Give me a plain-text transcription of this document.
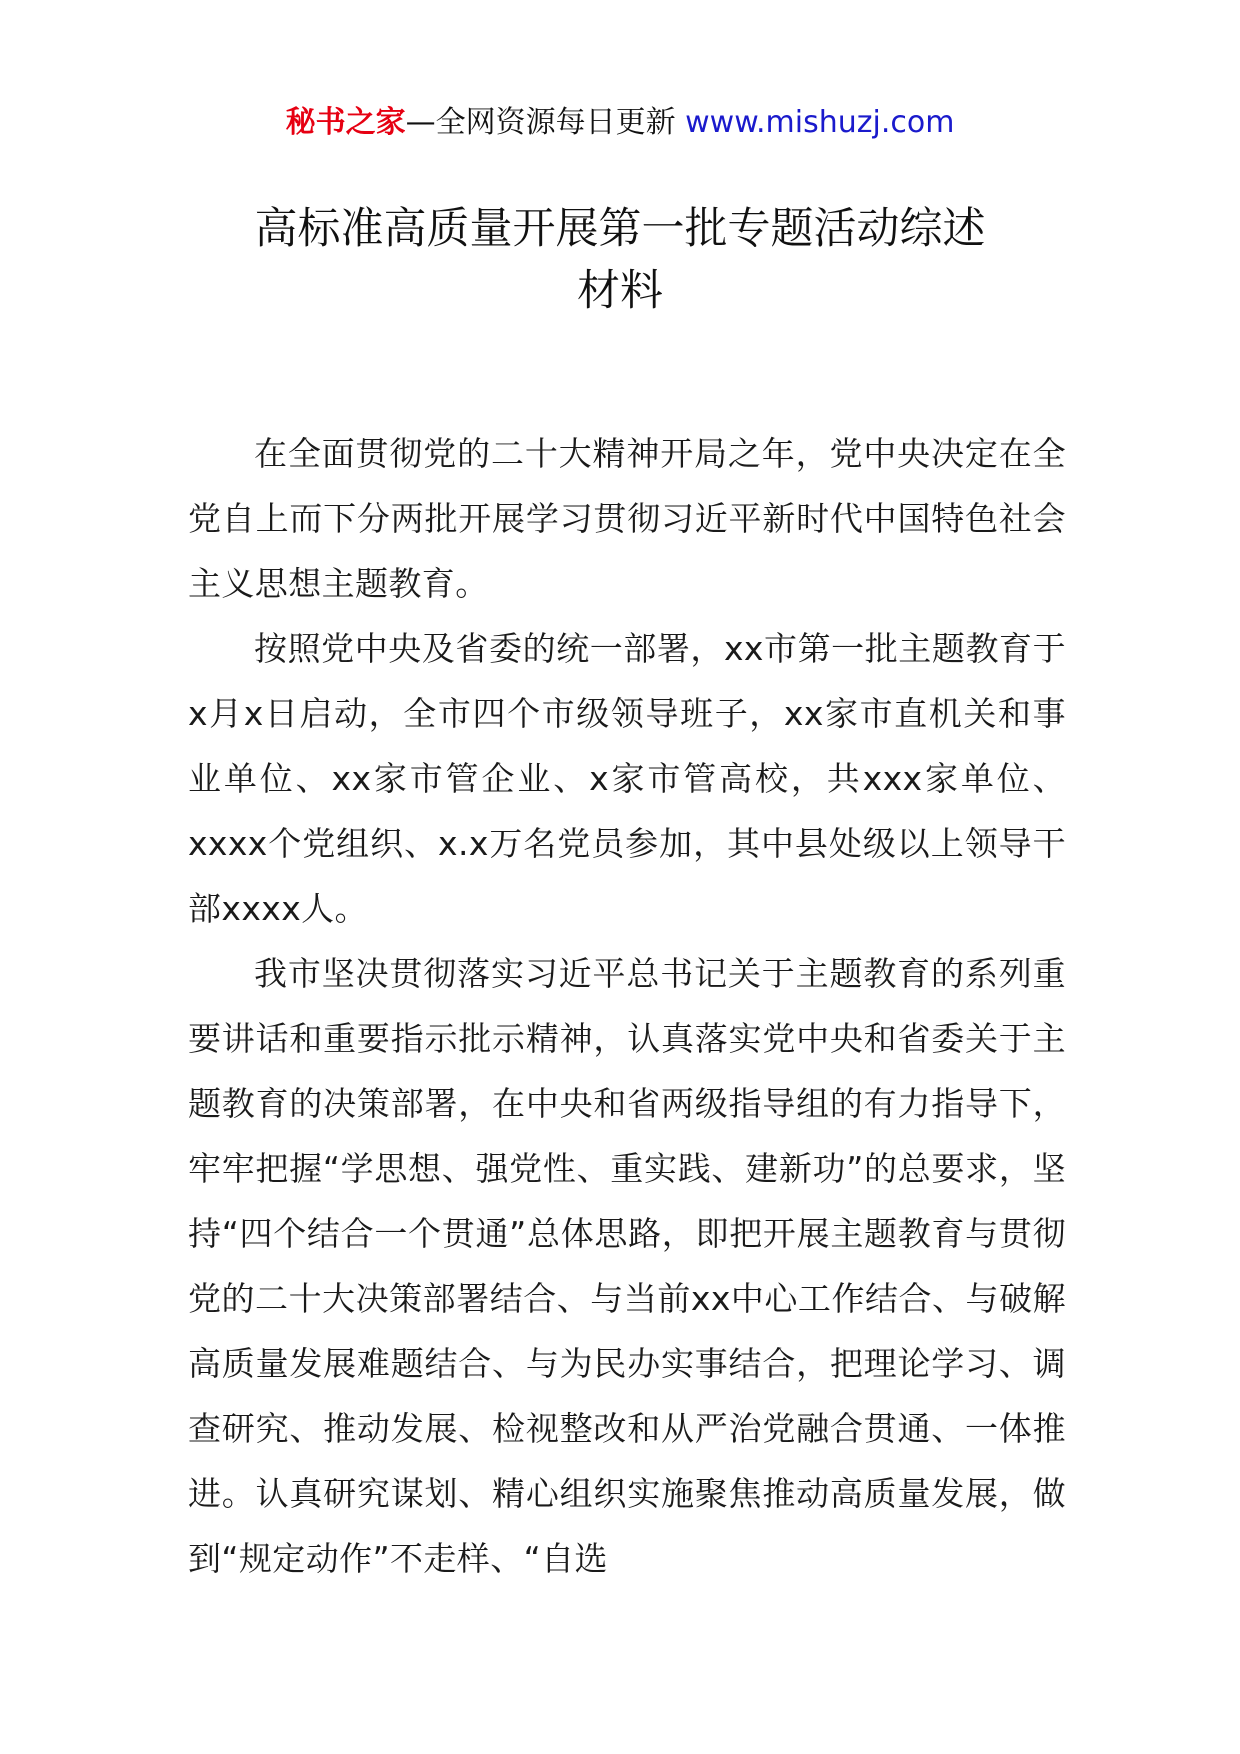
秘书之家—全网资源每日更新 www.mishuzj.com
高标准高质量开展第一批专题活动综述
材料

在全面贯彻党的二十大精神开局之年，党中央决定在全党自上而下分两批开展学习贯彻习近平新时代中国特色社会主义思想主题教育。

按照党中央及省委的统一部署，xx市第一批主题教育于x月x日启动，全市四个市级领导班子，xx家市直机关和事业单位、xx家市管企业、x家市管高校，共xxx家单位、xxxx个党组织、x.x万名党员参加，其中县处级以上领导干部xxxx人。

我市坚决贯彻落实习近平总书记关于主题教育的系列重要讲话和重要指示批示精神，认真落实党中央和省委关于主题教育的决策部署，在中央和省两级指导组的有力指导下，牢牢把握“学思想、强党性、重实践、建新功”的总要求，坚持“四个结合一个贯通”总体思路，即把开展主题教育与贯彻党的二十大决策部署结合、与当前xx中心工作结合、与破解高质量发展难题结合、与为民办实事结合，把理论学习、调查研究、推动发展、检视整改和从严治党融合贯通、一体推进。认真研究谋划、精心组织实施聚焦推动高质量发展，做到“规定动作”不走样、“自选
